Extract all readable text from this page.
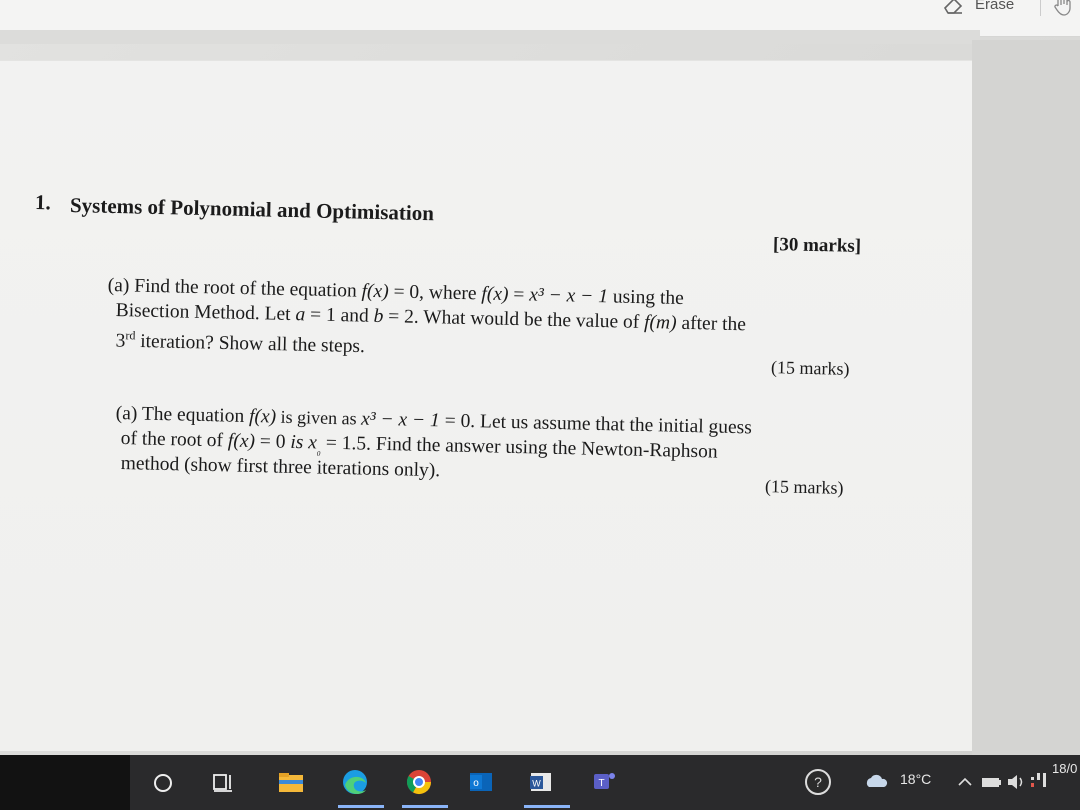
Erase
1. Systems of Polynomial and Optimisation
[30 marks]
(a) Find the root of the equation f(x) = 0, where f(x) = x³ − x − 1 using the
Bisection Method. Let a = 1 and b = 2. What would be the value of f(m) after the
3rd iteration? Show all the steps.
(15 marks)
(a) The equation f(x) is given as x³ − x − 1 = 0. Let us assume that the initial guess
of the root of f(x) = 0 is $x_{_0} = 1.5$. Find the answer using the Newton-Raphson
method (show first three iterations only).
(15 marks)
o	W	T	?	18°C
18/0
